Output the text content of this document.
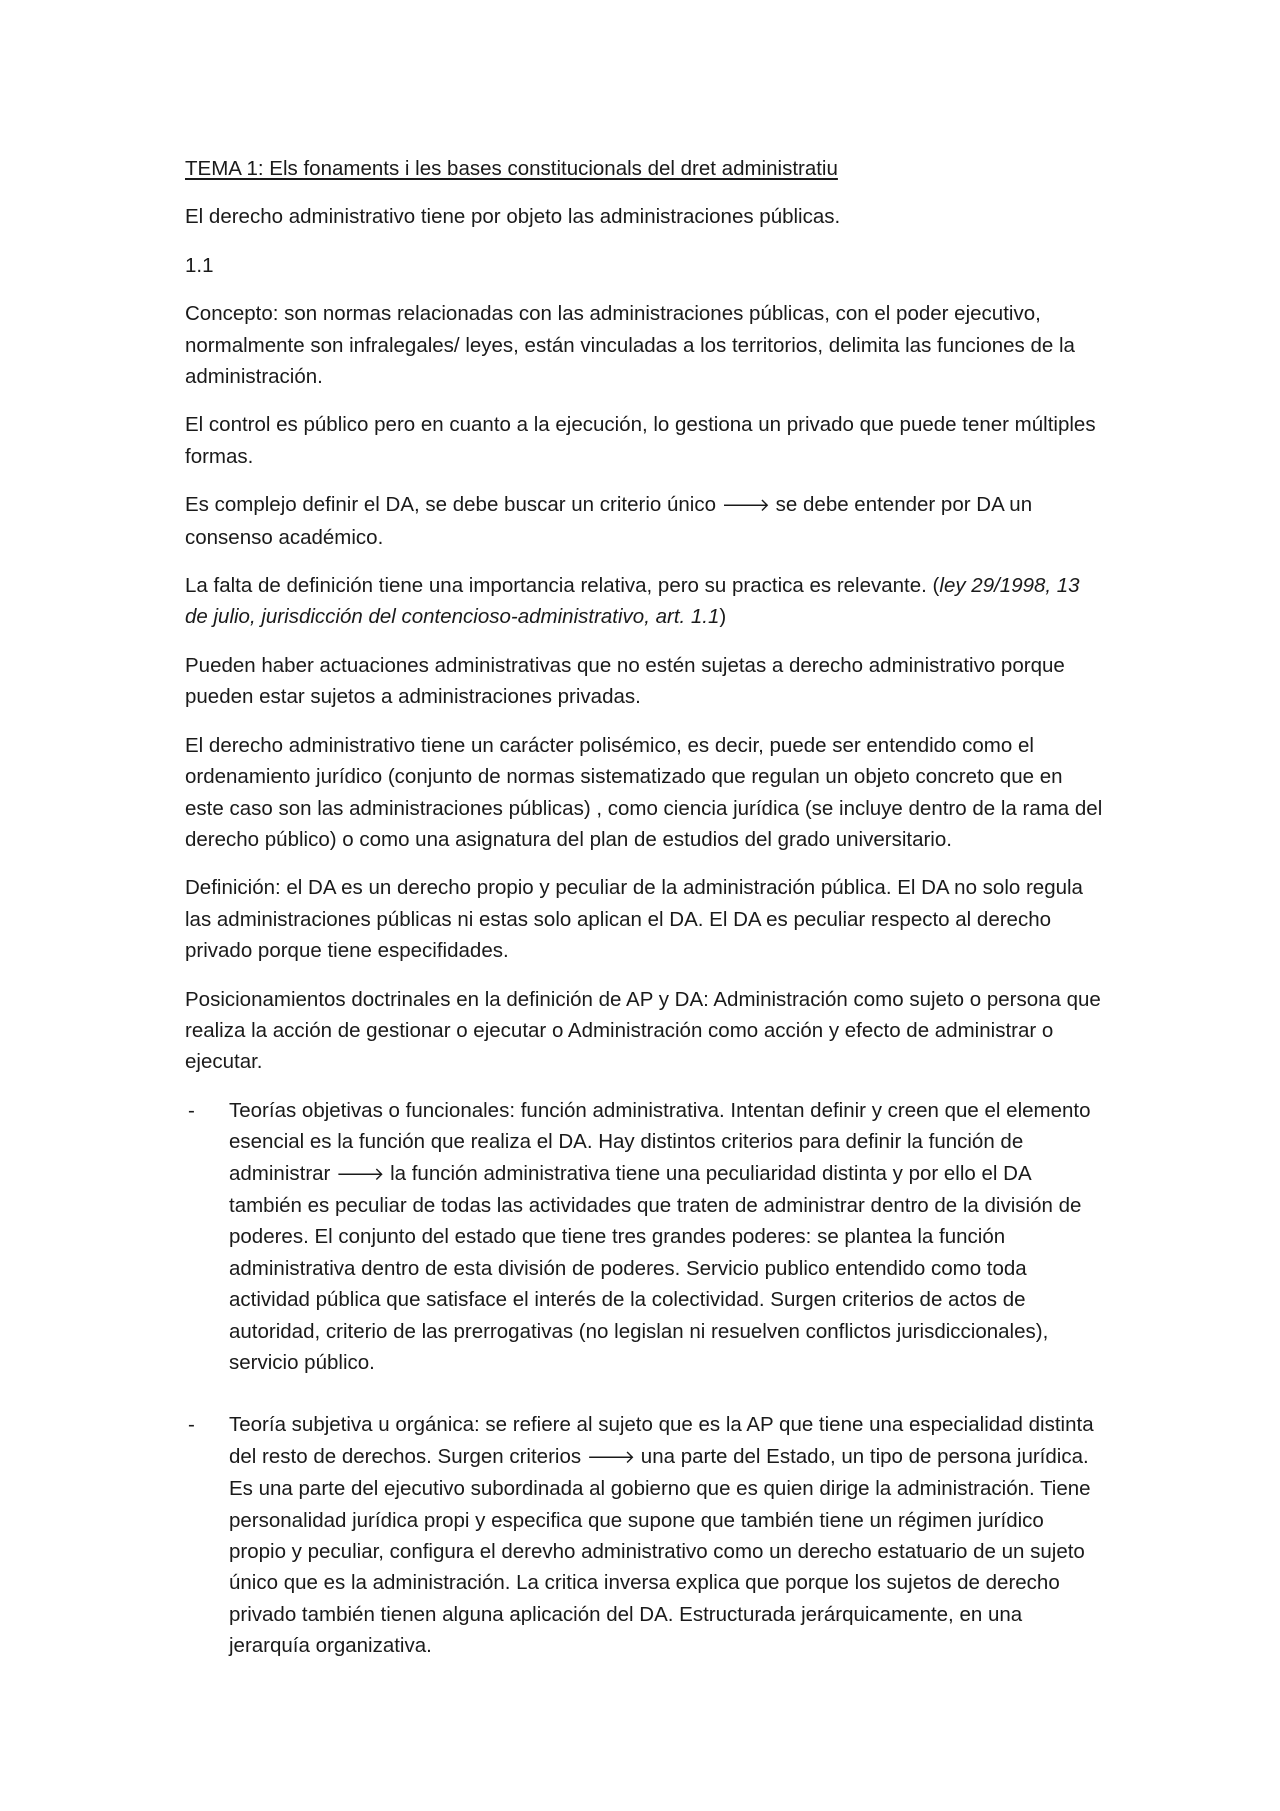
TEMA 1: Els fonaments i les bases constitucionals del dret administratiu

El derecho administrativo tiene por objeto las administraciones públicas.

1.1

Concepto: son normas relacionadas con las administraciones públicas, con el poder ejecutivo, normalmente son infralegales/ leyes, están vinculadas a los territorios, delimita las funciones de la administración.

El control es público pero en cuanto a la ejecución, lo gestiona un privado que puede tener múltiples formas.

Es complejo definir el DA, se debe buscar un criterio único 🡒 se debe entender por DA un consenso académico.

La falta de definición tiene una importancia relativa, pero su practica es relevante. (ley 29/1998, 13 de julio, jurisdicción del contencioso-administrativo, art. 1.1)

Pueden haber actuaciones administrativas que no estén sujetas a derecho administrativo porque pueden estar sujetos a administraciones privadas.

El derecho administrativo tiene un carácter polisémico, es decir, puede ser entendido como el ordenamiento jurídico (conjunto de normas sistematizado que regulan un objeto concreto que en este caso son las administraciones públicas) , como ciencia jurídica (se incluye dentro de la rama del derecho público) o como una asignatura del plan de estudios del grado universitario.

Definición: el DA es un derecho propio y peculiar de la administración pública. El DA no solo regula las administraciones públicas ni estas solo aplican el DA. El DA es peculiar respecto al derecho privado porque tiene especifidades.

Posicionamientos doctrinales en la definición de AP y DA: Administración como sujeto o persona que realiza la acción de gestionar o ejecutar o Administración como acción y efecto de administrar o ejecutar.

- Teorías objetivas o funcionales: función administrativa. Intentan definir y creen que el elemento esencial es la función que realiza el DA. Hay distintos criterios para definir la función de administrar 🡒 la función administrativa tiene una peculiaridad distinta y por ello el DA también es peculiar de todas las actividades que traten de administrar dentro de la división de poderes. El conjunto del estado que tiene tres grandes poderes: se plantea la función administrativa dentro de esta división de poderes. Servicio publico entendido como toda actividad pública que satisface el interés de la colectividad. Surgen criterios de actos de autoridad, criterio de las prerrogativas (no legislan ni resuelven conflictos jurisdiccionales), servicio público.
- Teoría subjetiva u orgánica: se refiere al sujeto que es la AP que tiene una especialidad distinta del resto de derechos. Surgen criterios 🡒 una parte del Estado, un tipo de persona jurídica. Es una parte del ejecutivo subordinada al gobierno que es quien dirige la administración. Tiene personalidad jurídica propi y especifica que supone que también tiene un régimen jurídico propio y peculiar, configura el derevho administrativo como un derecho estatuario de un sujeto único que es la administración. La critica inversa explica que porque los sujetos de derecho privado también tienen alguna aplicación del DA. Estructurada jerárquicamente, en una jerarquía organizativa.
